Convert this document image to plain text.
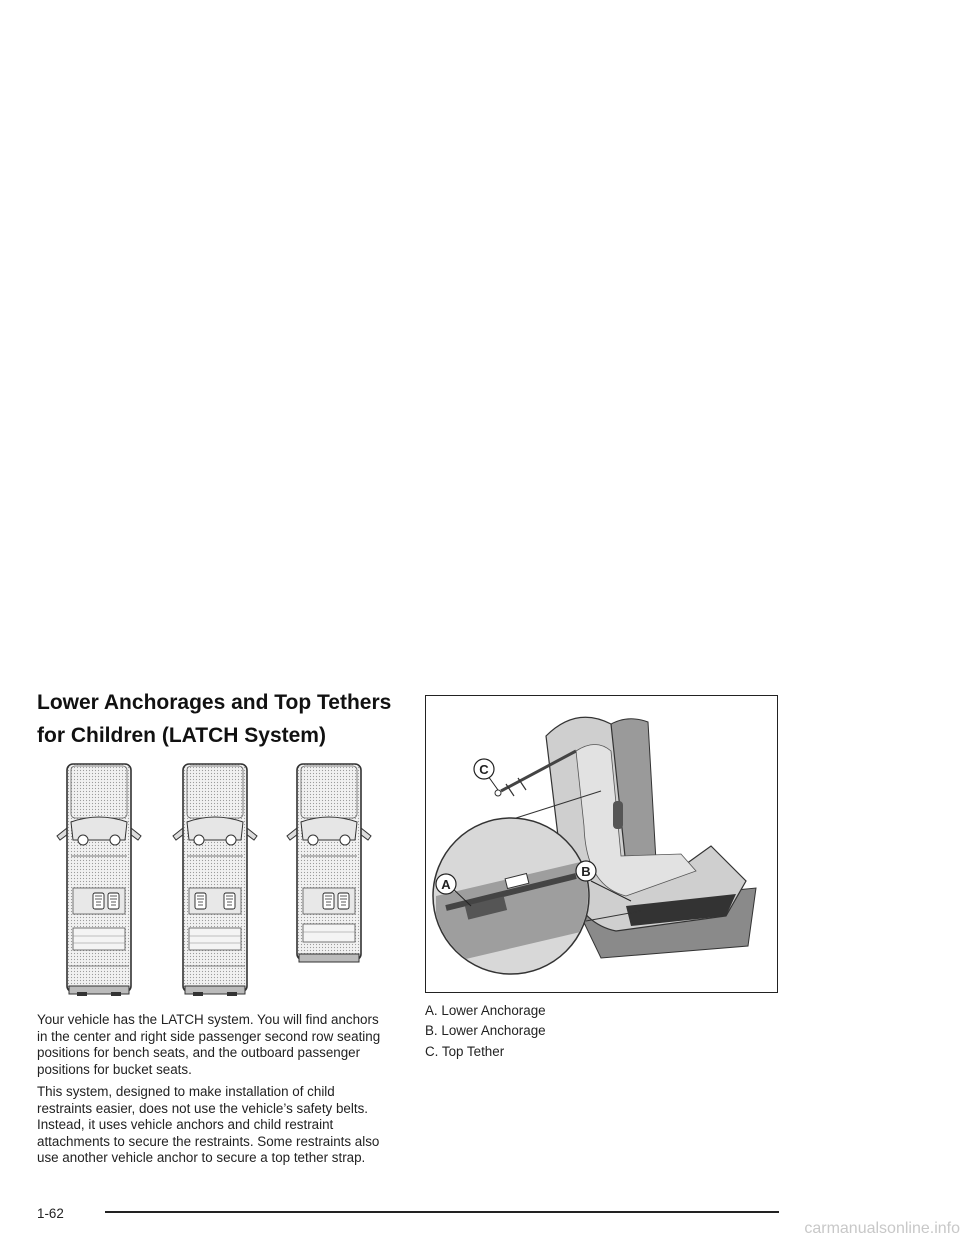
Lower Anchorages and Top Tethers
for Children (LATCH System)

Your vehicle has the LATCH system. You will find anchors in the center and right side passenger second row seating positions for bench seats, and the outboard passenger positions for bucket seats.

This system, designed to make installation of child restraints easier, does not use the vehicle’s safety belts. Instead, it uses vehicle anchors and child restraint attachments to secure the restraints. Some restraints also use another vehicle anchor to secure a top tether strap.

C
B
A
A. Lower Anchorage
B. Lower Anchorage
C. Top Tether
1-62
carmanualsonline.info
